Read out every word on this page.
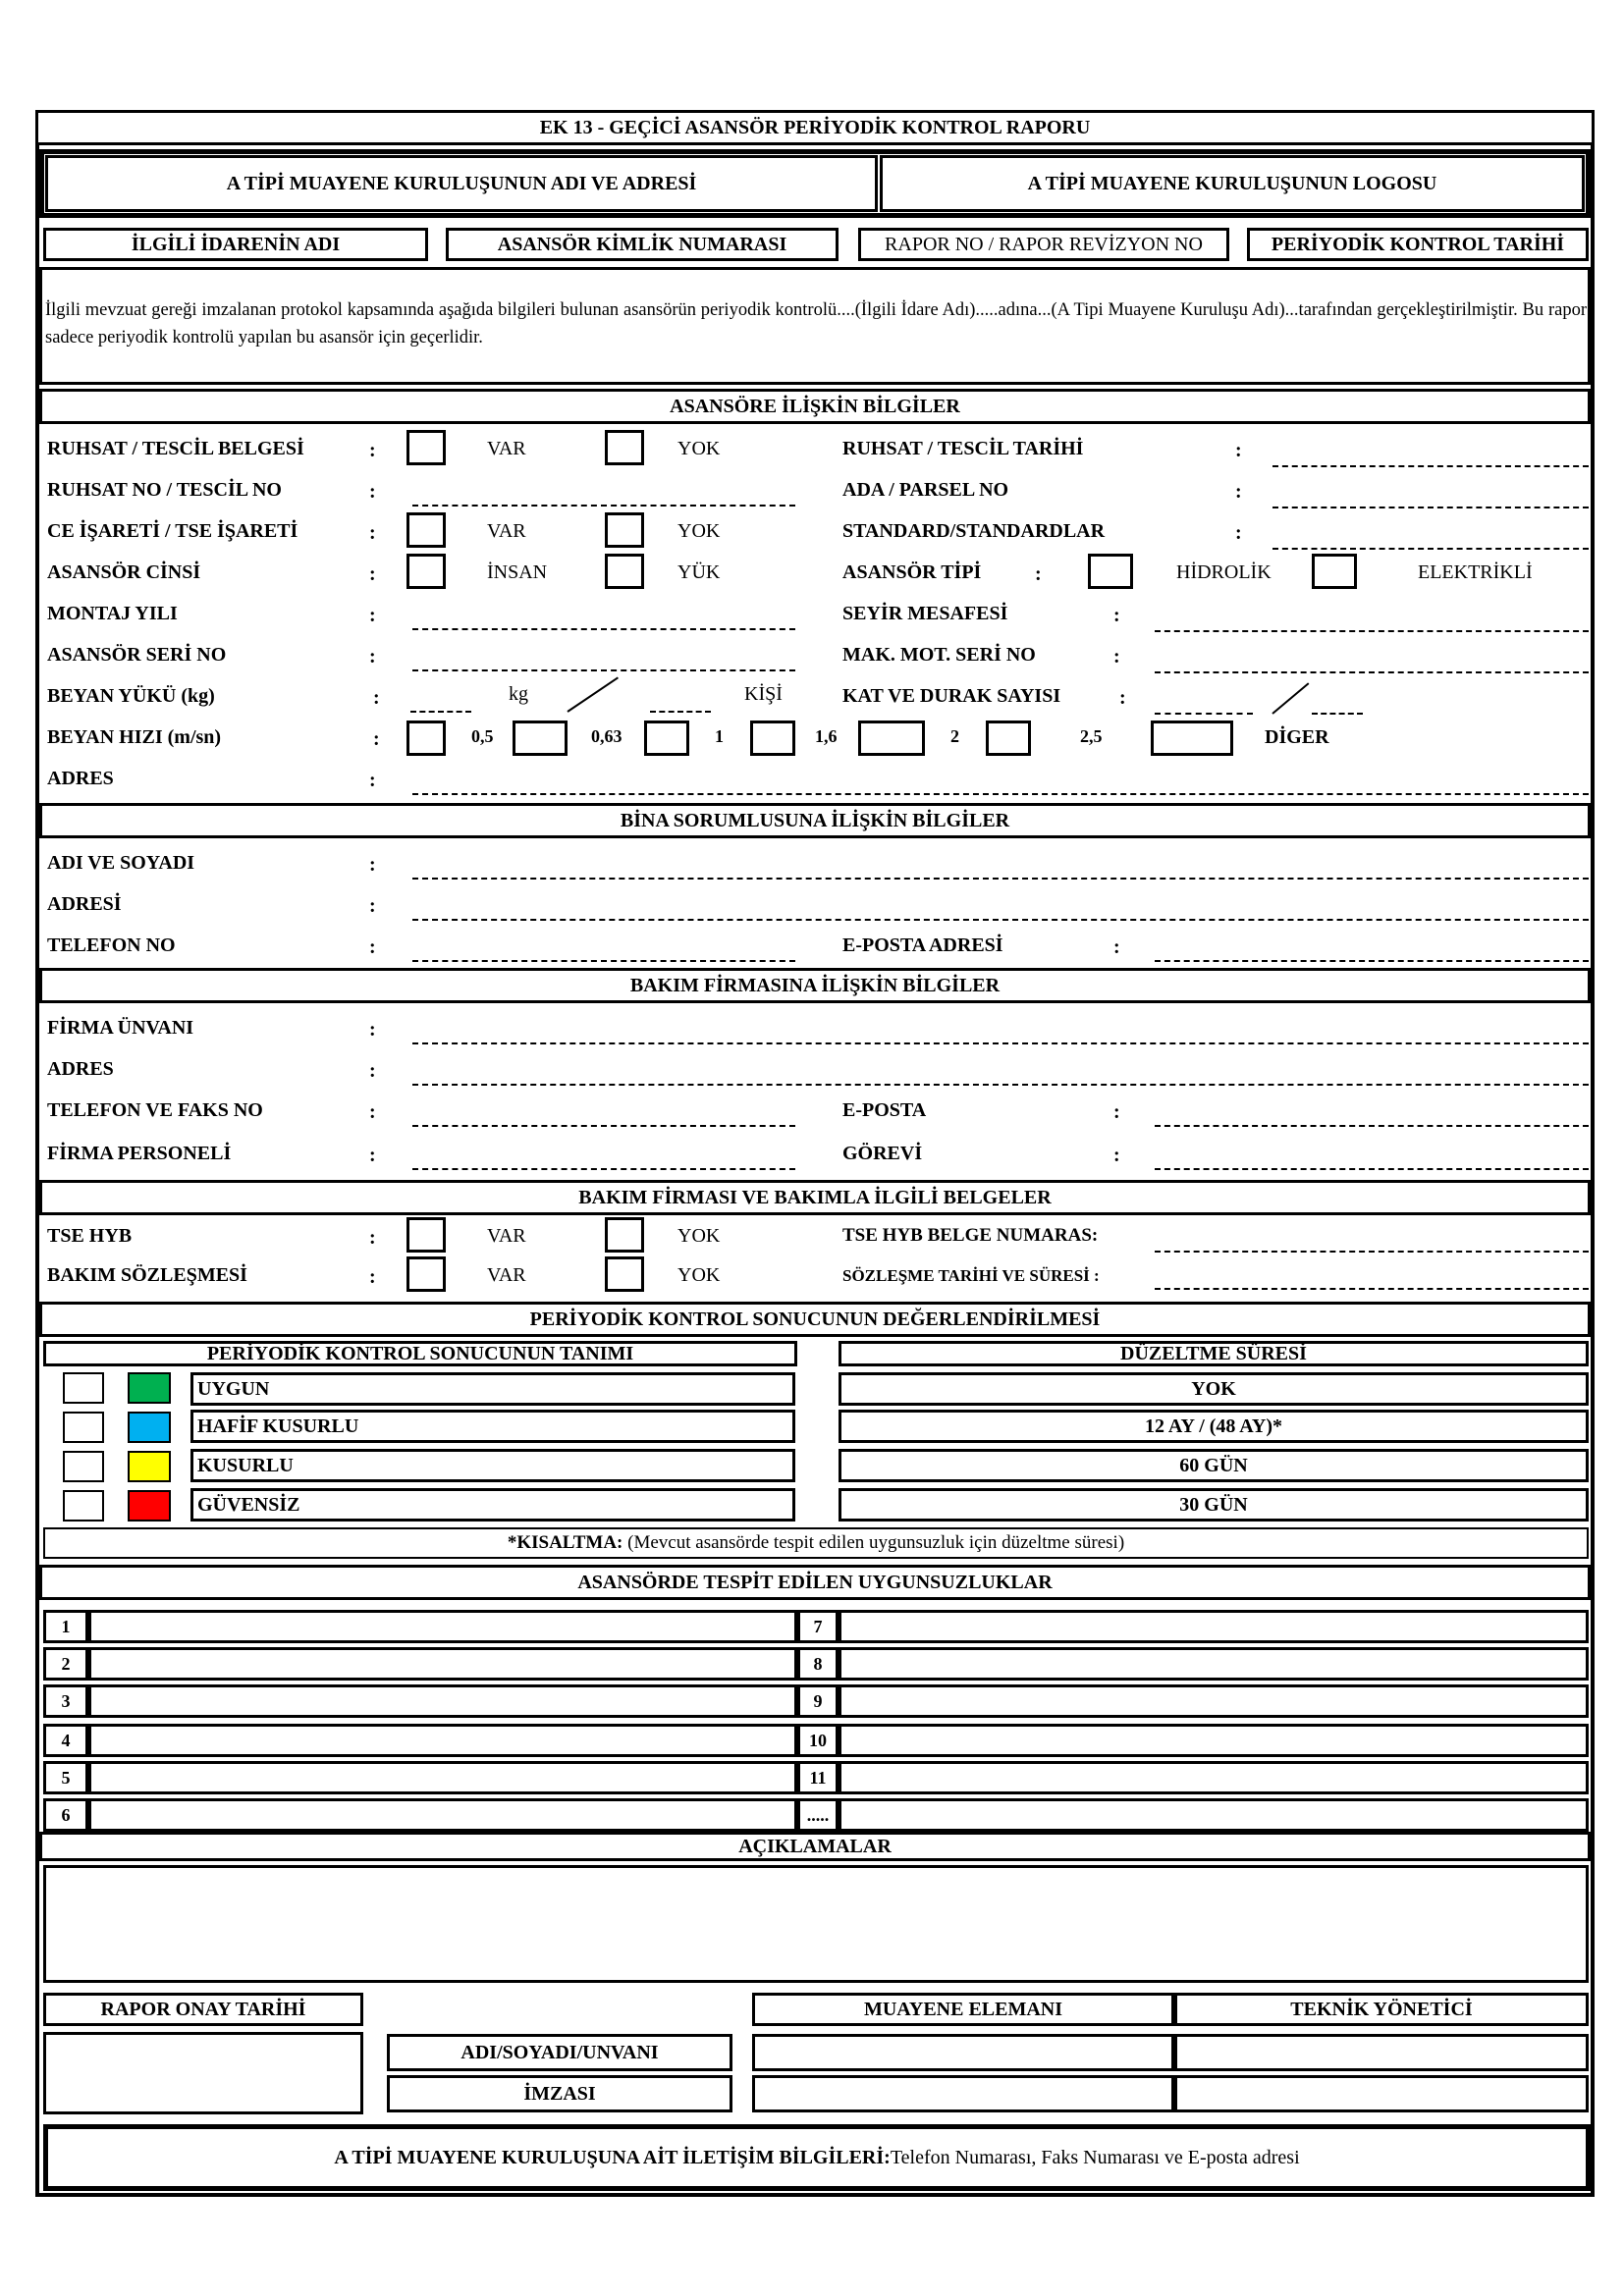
EK 13 - GEÇİCİ ASANSÖR PERİYODİK KONTROL RAPORU
A TİPİ MUAYENE KURULUŞUNUN ADI VE ADRESİ	A TİPİ MUAYENE KURULUŞUNUN LOGOSU
İLGİLİ İDARENİN ADI	ASANSÖR KİMLİK NUMARASI	RAPOR NO / RAPOR REVİZYON NO	PERİYODİK KONTROL TARİHİ
İlgili mevzuat gereği imzalanan protokol kapsamında aşağıda bilgileri bulunan asansörün periyodik kontrolü....(İlgili İdare Adı).....adına...(A Tipi Muayene Kuruluşu Adı)...tarafından gerçekleştirilmiştir. Bu rapor sadece periyodik kontrolü yapılan bu asansör için geçerlidir.
ASANSÖRE İLİŞKİN BİLGİLER
RUHSAT / TESCİL BELGESİ	:	VAR	YOK
RUHSAT NO / TESCİL NO	:
CE İŞARETİ / TSE İŞARETİ	:	VAR	YOK
ASANSÖR CİNSİ	:	İNSAN	YÜK
MONTAJ YILI	:
ASANSÖR SERİ NO	:
BEYAN YÜKÜ (kg)	:	kg	KİŞİ
BEYAN HIZI (m/sn)	:	0,5	0,63	1	1,6	2	2,5	DİGER
ADRES	:
RUHSAT / TESCİL TARİHİ	:
ADA / PARSEL NO	:
STANDARD/STANDARDLAR	:
ASANSÖR TİPİ	:	HİDROLİK	ELEKTRİKLİ
SEYİR MESAFESİ	:
MAK. MOT. SERİ NO	:
KAT VE DURAK SAYISI	:
BİNA SORUMLUSUNA İLİŞKİN BİLGİLER
ADI VE SOYADI	:
ADRESİ	:
TELEFON NO	:	E-POSTA ADRESİ	:
BAKIM FİRMASINA İLİŞKİN BİLGİLER
FİRMA ÜNVANI	:
ADRES	:
TELEFON VE FAKS NO	:	E-POSTA	:
FİRMA PERSONELİ	:	GÖREVİ	:
BAKIM FİRMASI VE BAKIMLA İLGİLİ BELGELER
TSE HYB	:	VAR	YOK	TSE HYB BELGE NUMARAS:
BAKIM SÖZLEŞMESİ	:	VAR	YOK	SÖZLEŞME TARİHİ VE SÜRESİ :
PERİYODİK KONTROL SONUCUNUN DEĞERLENDİRİLMESİ
PERİYODİK KONTROL SONUCUNUN TANIMI	DÜZELTME SÜRESİ
UYGUN	YOK
HAFİF KUSURLU	12 AY / (48 AY)*
KUSURLU	60 GÜN
GÜVENSİZ	30 GÜN
*KISALTMA: (Mevcut asansörde tespit edilen uygunsuzluk için düzeltme süresi)
ASANSÖRDE TESPİT EDİLEN UYGUNSUZLUKLAR
1	7
2	8
3	9
4	10
5	11
6	.....
AÇIKLAMALAR
RAPOR ONAY TARİHİ
ADI/SOYADI/UNVANI
İMZASI
MUAYENE ELEMANI	TEKNİK YÖNETİCİ
A TİPİ MUAYENE KURULUŞUNA AİT İLETİŞİM BİLGİLERİ: Telefon Numarası, Faks Numarası ve E-posta adresi
